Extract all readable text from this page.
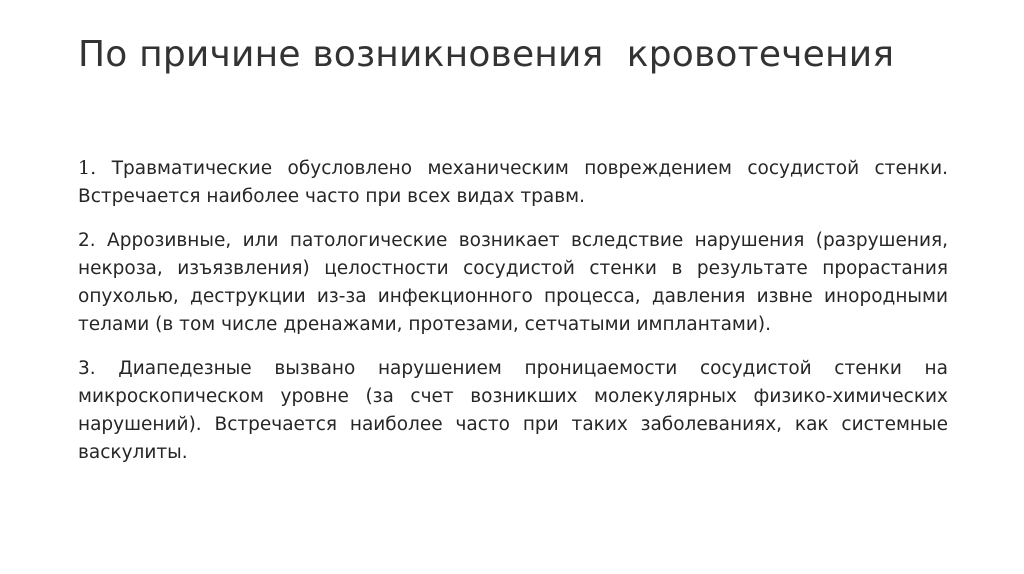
По причине возникновения  кровотечения

1. Травматические обусловлено механическим повреждением сосудистой стенки. Встречается наиболее часто при всех видах травм.

2. Аррозивные, или патологические возникает вследствие нарушения (разрушения, некроза, изъязвления) целостности сосудистой стенки в результате прорастания опухолью, деструкции из-за инфекционного процесса, давления извне инородными телами (в том числе дренажами, протезами, сетчатыми имплантами).

3. Диапедезные вызвано нарушением проницаемости сосудистой стенки на микроскопическом уровне (за счет возникших молекулярных физико-химических нарушений). Встречается наиболее часто при таких заболеваниях, как системные васкулиты.
